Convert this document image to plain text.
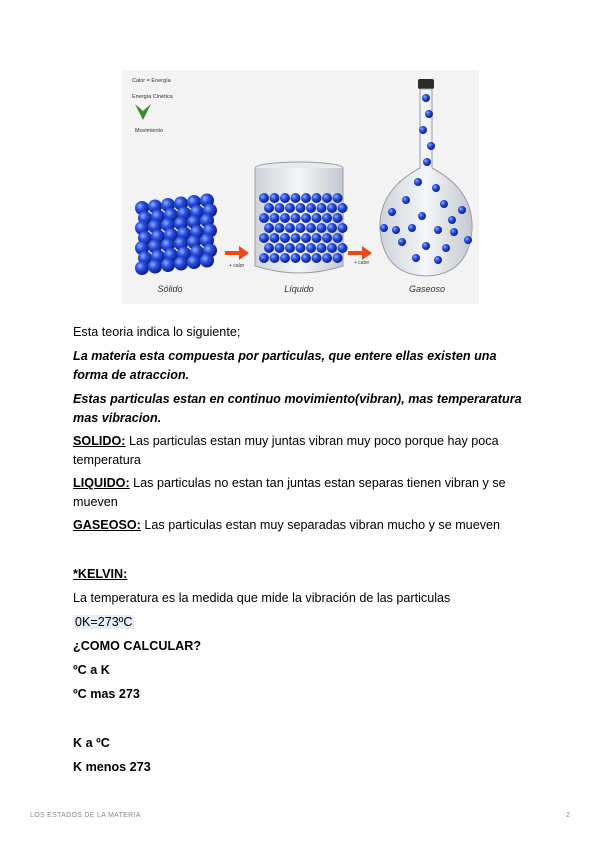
Calor = Energía
Energía Cinética
Movimiento
+ calor	+ calor
Sólido	Líquido	Gaseoso
Esta teoria indica lo siguiente;
La materia esta compuesta por particulas, que entere ellas existen una forma de atraccion.
Estas particulas estan en continuo movimiento(vibran), mas temperaratura mas vibracion.
SOLIDO: Las particulas estan muy juntas vibran muy poco porque hay poca temperatura
LIQUIDO: Las particulas no estan tan juntas estan separas tienen vibran y se mueven
GASEOSO: Las particulas estan muy separadas vibran mucho y se mueven
*KELVIN:
La temperatura es la medida que mide la vibración de las particulas
0K=273ºC
¿COMO CALCULAR?
ºC a K
ºC mas 273
K a ºC
K menos 273
LOS ESTADOS DE LA MATERIA	2
